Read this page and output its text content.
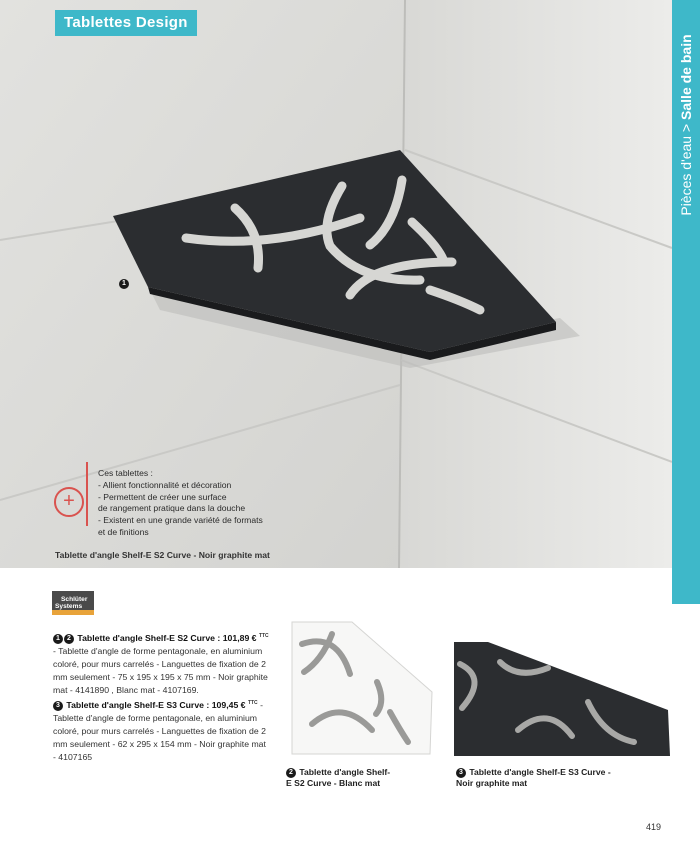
Tablettes Design
1
+
Ces tablettes :
- Allient fonctionnalité et décoration
- Permettent de créer une surface
de rangement pratique dans la douche
- Existent en une grande variété de formats
et de finitions
Tablette d'angle Shelf-E S2 Curve - Noir graphite mat
Pièces d'eau > Salle de bain
Schlüter
Systems

1 2 Tablette d'angle Shelf-E S2 Curve : 101,89 € $^{TTC}$ - Tablette d'angle de forme pentagonale, en aluminium coloré, pour murs carrelés - Languettes de fixation de 2 mm seulement - 75 x 195 x 195 x 75 mm - Noir graphite mat - 4141890 , Blanc mat - 4107169.

3 Tablette d'angle Shelf-E S3 Curve : 109,45 € $^{TTC}$ - Tablette d'angle de forme pentagonale, en aluminium coloré, pour murs carrelés - Languettes de fixation de 2 mm seulement - 62 x 295 x 154 mm - Noir graphite mat - 4107165

2 Tablette d'angle Shelf-
E S2 Curve - Blanc mat
3 Tablette d'angle Shelf-E S3 Curve -
Noir graphite mat
419
